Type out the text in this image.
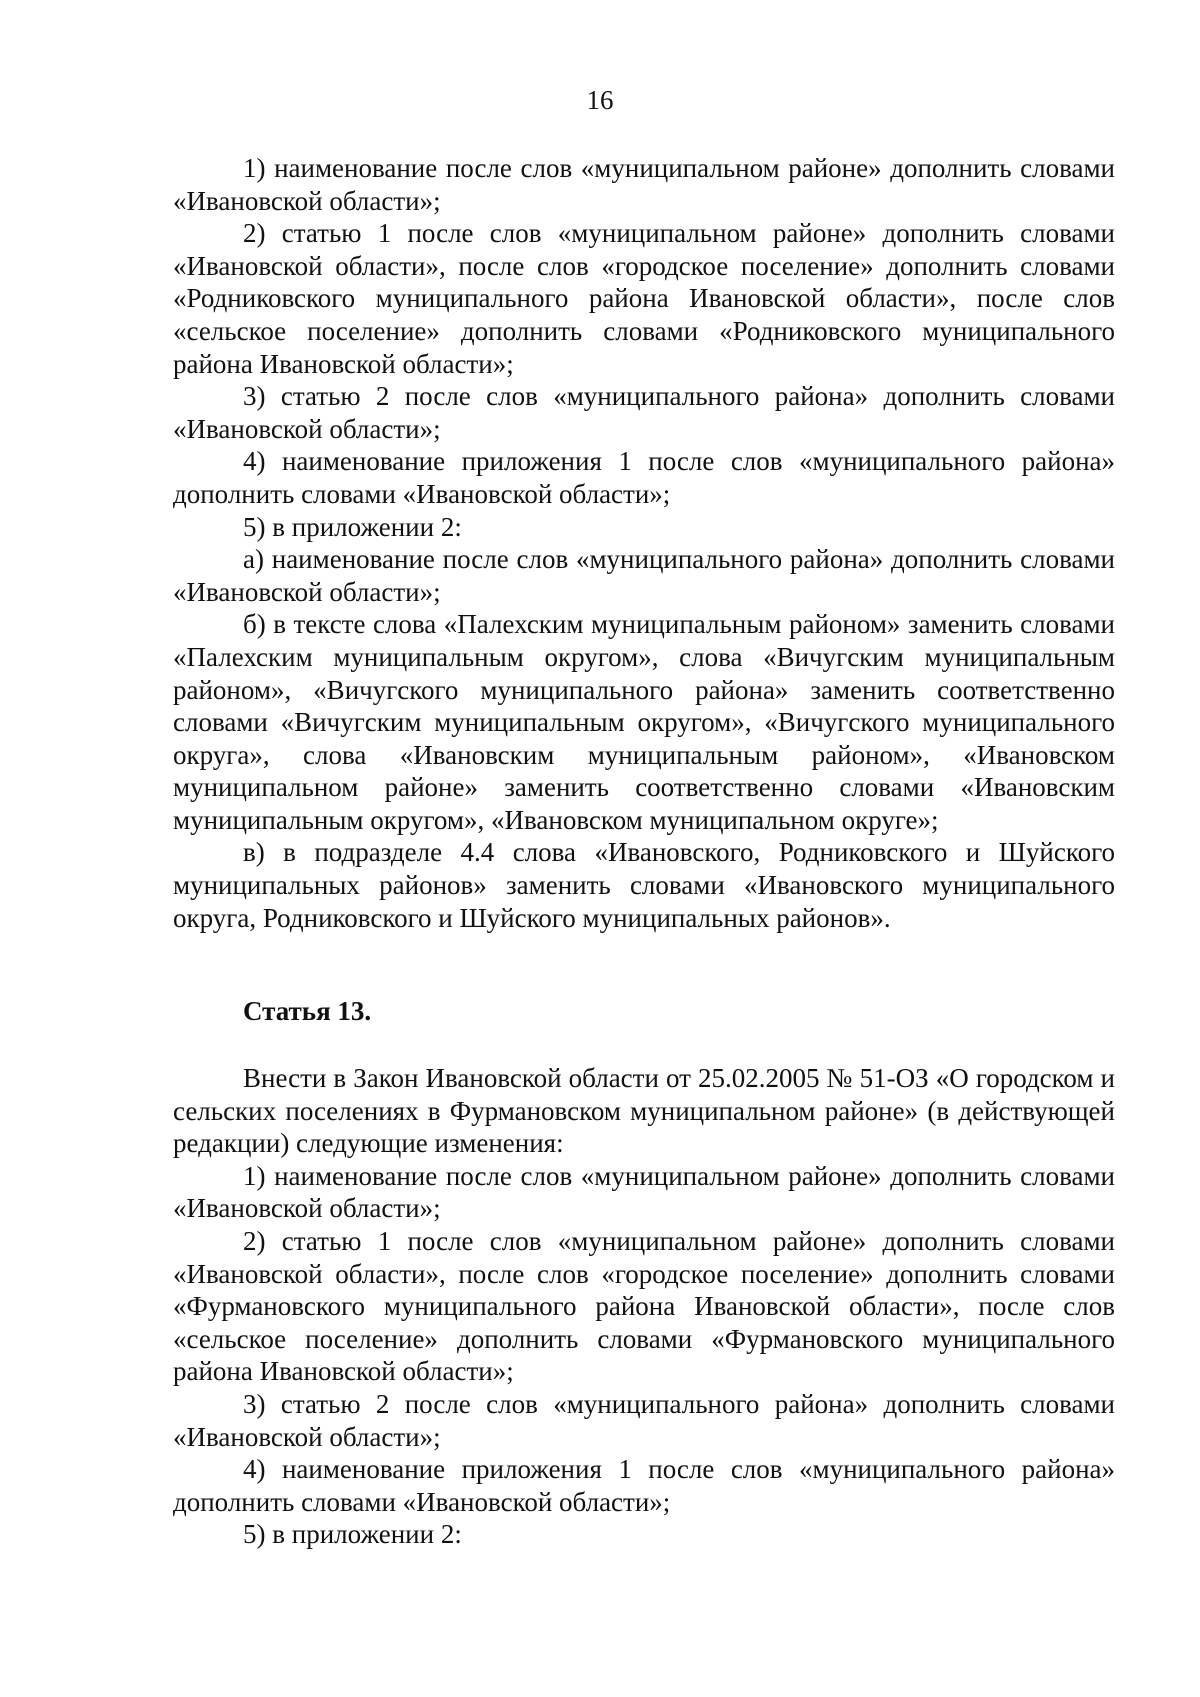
16

1) наименование после слов «муниципальном районе» дополнить словами «Ивановской области»;

2) статью 1 после слов «муниципальном районе» дополнить словами «Ивановской области», после слов «городское поселение» дополнить словами «Родниковского муниципального района Ивановской области», после слов «сельское поселение» дополнить словами «Родниковского муниципального района Ивановской области»;

3) статью 2 после слов «муниципального района» дополнить словами «Ивановской области»;

4) наименование приложения 1 после слов «муниципального района» дополнить словами «Ивановской области»;

5) в приложении 2:

а) наименование после слов «муниципального района» дополнить словами «Ивановской области»;

б) в тексте слова «Палехским муниципальным районом» заменить словами «Палехским муниципальным округом», слова «Вичугским муниципальным районом», «Вичугского муниципального района» заменить соответственно словами «Вичугским муниципальным округом», «Вичугского муниципального округа», слова «Ивановским муниципальным районом», «Ивановском муниципальном районе» заменить соответственно словами «Ивановским муниципальным округом», «Ивановском муниципальном округе»;

в) в подразделе 4.4 слова «Ивановского, Родниковского и Шуйского муниципальных районов» заменить словами «Ивановского муниципального округа, Родниковского и Шуйского муниципальных районов».

Статья 13.

Внести в Закон Ивановской области от 25.02.2005 № 51-ОЗ «О городском и сельских поселениях в Фурмановском муниципальном районе» (в действующей редакции) следующие изменения:

1) наименование после слов «муниципальном районе» дополнить словами «Ивановской области»;

2) статью 1 после слов «муниципальном районе» дополнить словами «Ивановской области», после слов «городское поселение» дополнить словами «Фурмановского муниципального района Ивановской области», после слов «сельское поселение» дополнить словами «Фурмановского муниципального района Ивановской области»;

3) статью 2 после слов «муниципального района» дополнить словами «Ивановской области»;

4) наименование приложения 1 после слов «муниципального района» дополнить словами «Ивановской области»;

5) в приложении 2:
